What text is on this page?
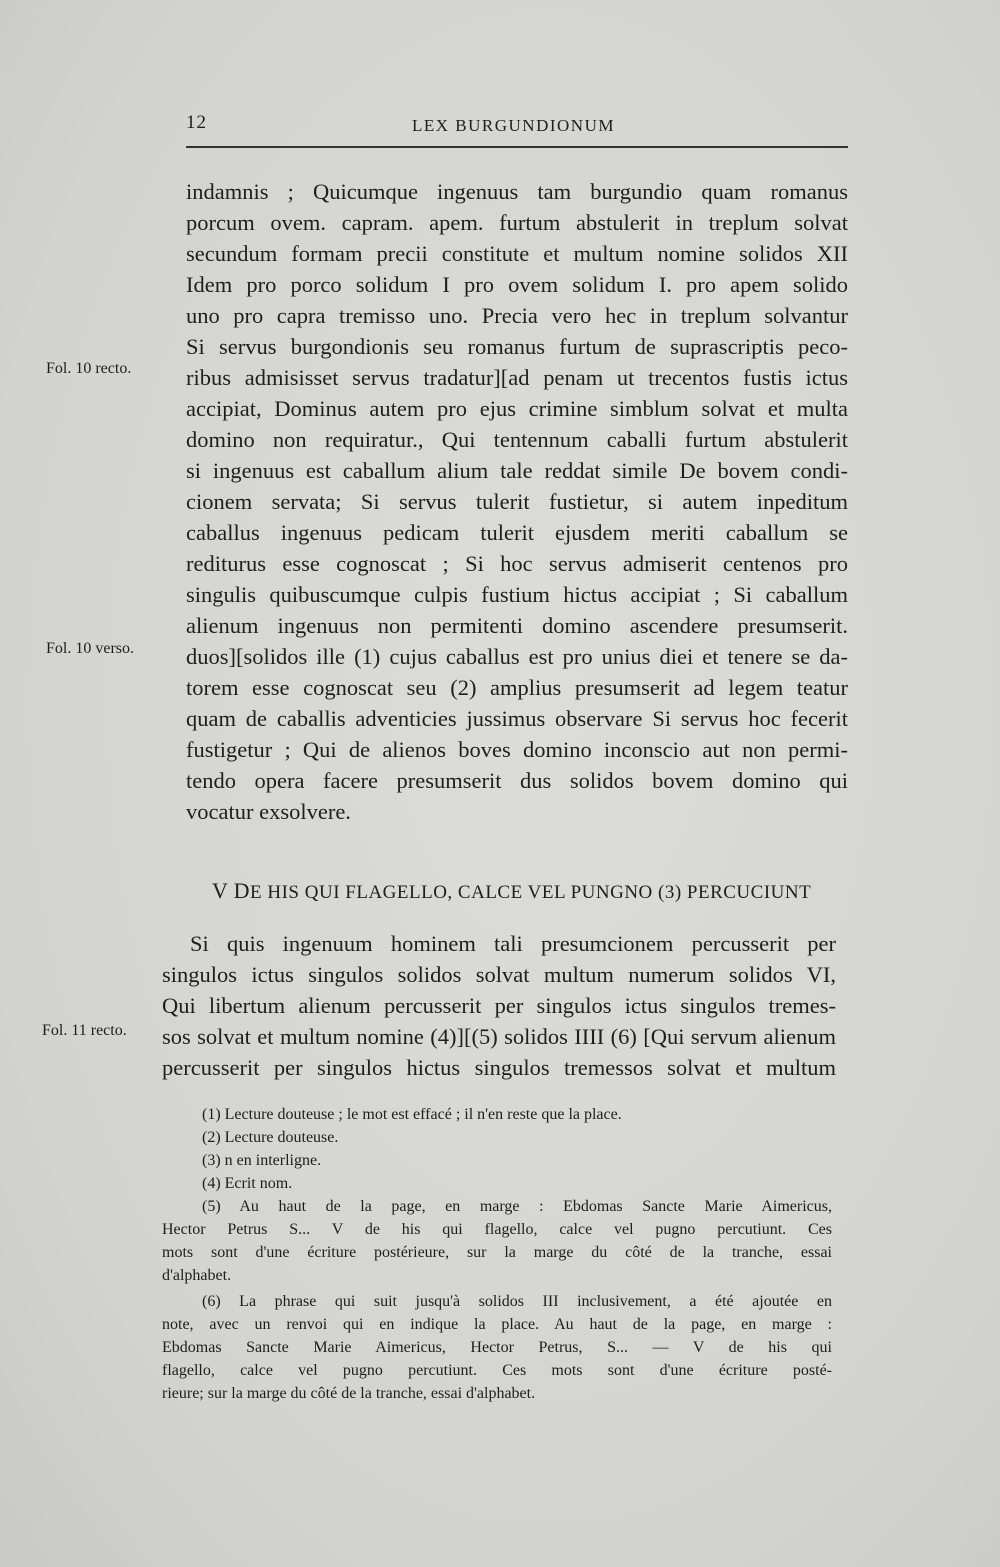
12	LEX BURGUNDIONUM
Fol. 10 recto.
Fol. 10 verso.
Fol. 11 recto.
indamnis ; Quicumque ingenuus tam burgundio quam romanus
porcum ovem. capram. apem. furtum abstulerit in treplum solvat
secundum formam precii constitute et multum nomine solidos XII
Idem pro porco solidum I pro ovem solidum I. pro apem solido
uno pro capra tremisso uno. Precia vero hec in treplum solvantur
Si servus burgondionis seu romanus furtum de suprascriptis peco-
ribus admisisset servus tradatur][ad penam ut trecentos fustis ictus
accipiat, Dominus autem pro ejus crimine simblum solvat et multa
domino non requiratur., Qui tentennum caballi furtum abstulerit
si ingenuus est caballum alium tale reddat simile De bovem condi-
cionem servata; Si servus tulerit fustietur, si autem inpeditum
caballus ingenuus pedicam tulerit ejusdem meriti caballum se
rediturus esse cognoscat ; Si hoc servus admiserit centenos pro
singulis quibuscumque culpis fustium hictus accipiat ; Si caballum
alienum ingenuus non permitenti domino ascendere presumserit.
duos][solidos ille (1) cujus caballus est pro unius diei et tenere se da-
torem esse cognoscat seu (2) amplius presumserit ad legem teatur
quam de caballis adventicies jussimus observare Si servus hoc fecerit
fustigetur ; Qui de alienos boves domino inconscio aut non permi-
tendo opera facere presumserit dus solidos bovem domino qui
vocatur exsolvere.
V DE HIS QUI FLAGELLO, CALCE VEL PUNGNO (3) PERCUCIUNT
Si quis ingenuum hominem tali presumcionem percusserit per
singulos ictus singulos solidos solvat multum numerum solidos VI,
Qui libertum alienum percusserit per singulos ictus singulos tremes-
sos solvat et multum nomine (4)][(5) solidos IIII (6) [Qui servum alienum
percusserit per singulos hictus singulos tremessos solvat et multum
(1) Lecture douteuse ; le mot est effacé ; il n'en reste que la place.
(2) Lecture douteuse.
(3) n en interligne.
(4) Ecrit nom.
(5) Au haut de la page, en marge : Ebdomas Sancte Marie Aimericus,
Hector Petrus S... V de his qui flagello, calce vel pugno percutiunt. Ces
mots sont d'une écriture postérieure, sur la marge du côté de la tranche, essai
d'alphabet.
(6) La phrase qui suit jusqu'à solidos III inclusivement, a été ajoutée en
note, avec un renvoi qui en indique la place. Au haut de la page, en marge :
Ebdomas Sancte Marie Aimericus, Hector Petrus, S... — V de his qui
flagello, calce vel pugno percutiunt. Ces mots sont d'une écriture posté-
rieure; sur la marge du côté de la tranche, essai d'alphabet.
